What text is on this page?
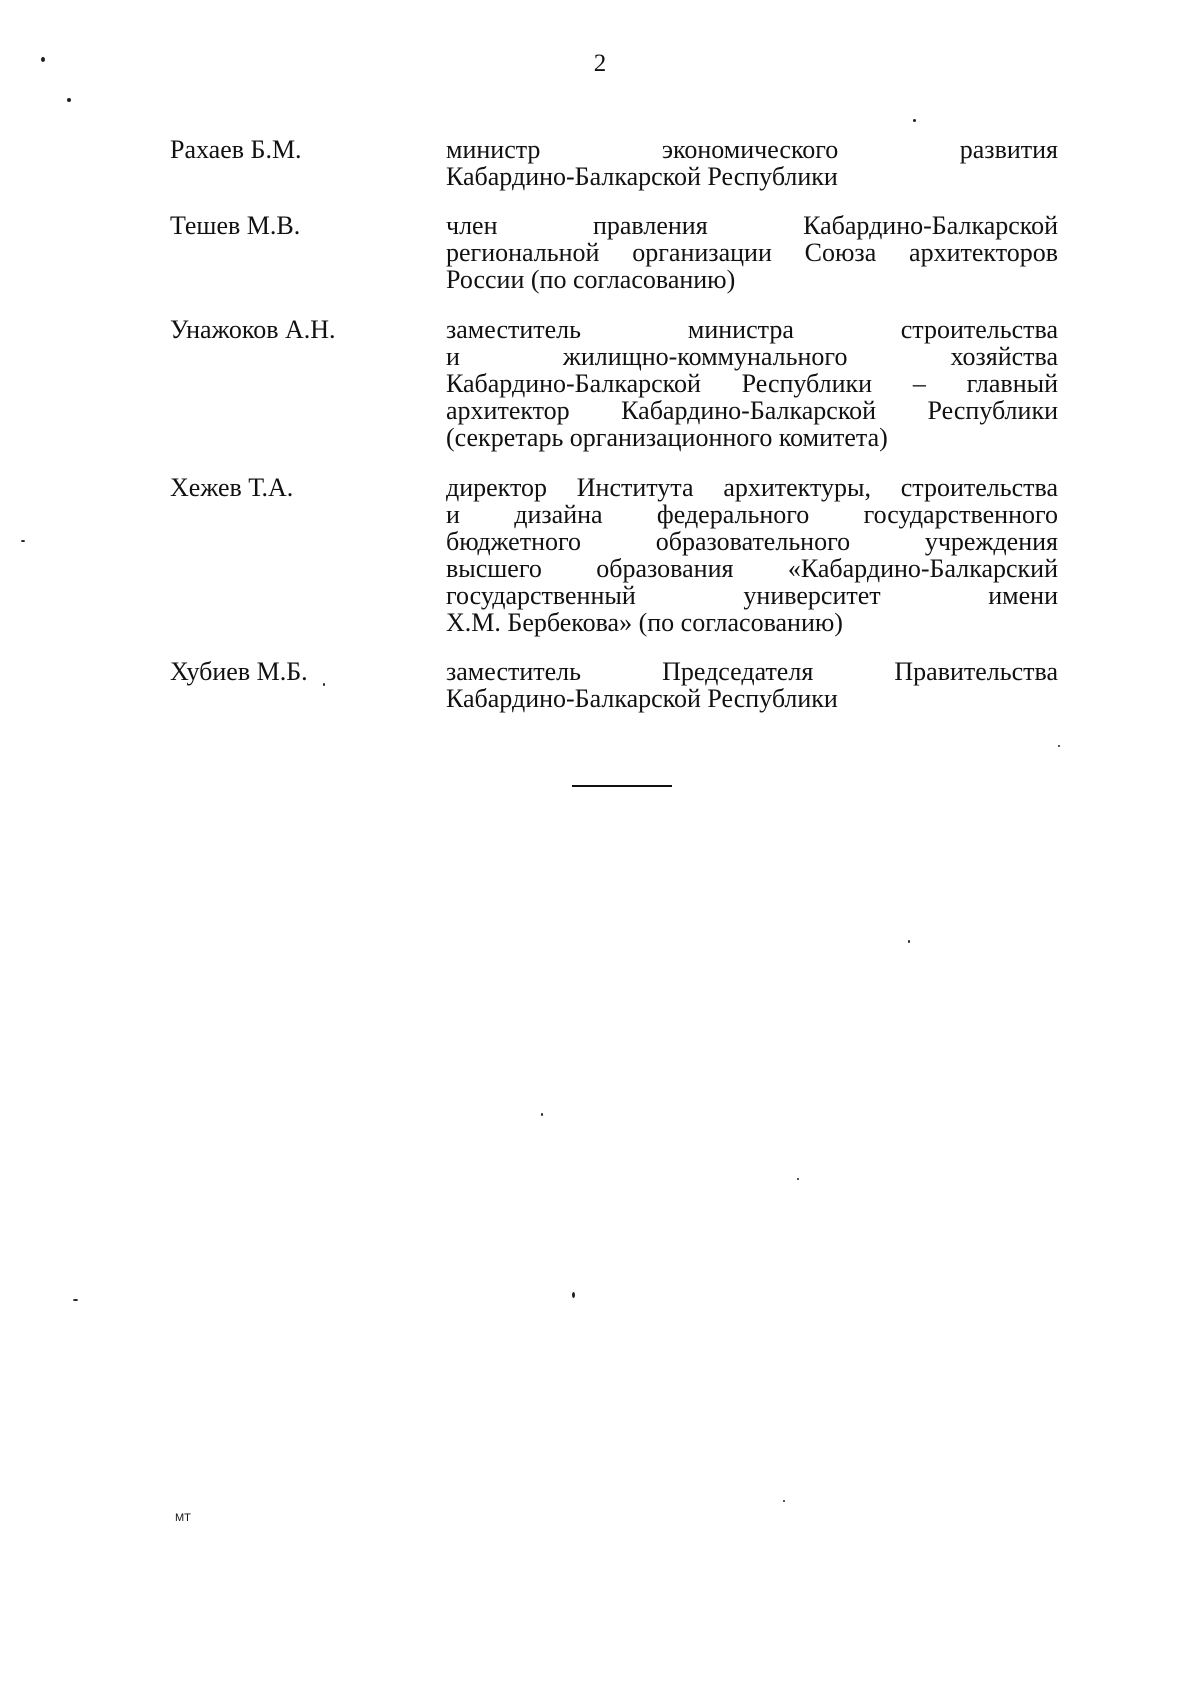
2
Рахаев Б.М.	министр экономического развития
Кабардино-Балкарской Республики
Тешев М.В.	член правления Кабардино-Балкарской
региональной организации Союза архитекторов
России (по согласованию)
Унажоков А.Н.	заместитель министра строительства
и жилищно-коммунального хозяйства
Кабардино-Балкарской Республики – главный
архитектор Кабардино-Балкарской Республики
(секретарь организационного комитета)
Хежев Т.А.	директор Института архитектуры, строительства
и дизайна федерального государственного
бюджетного образовательного учреждения
высшего образования «Кабардино-Балкарский
государственный университет имени
Х.М. Бербекова» (по согласованию)
Хубиев М.Б.	заместитель Председателя Правительства
Кабардино-Балкарской Республики
МТ
